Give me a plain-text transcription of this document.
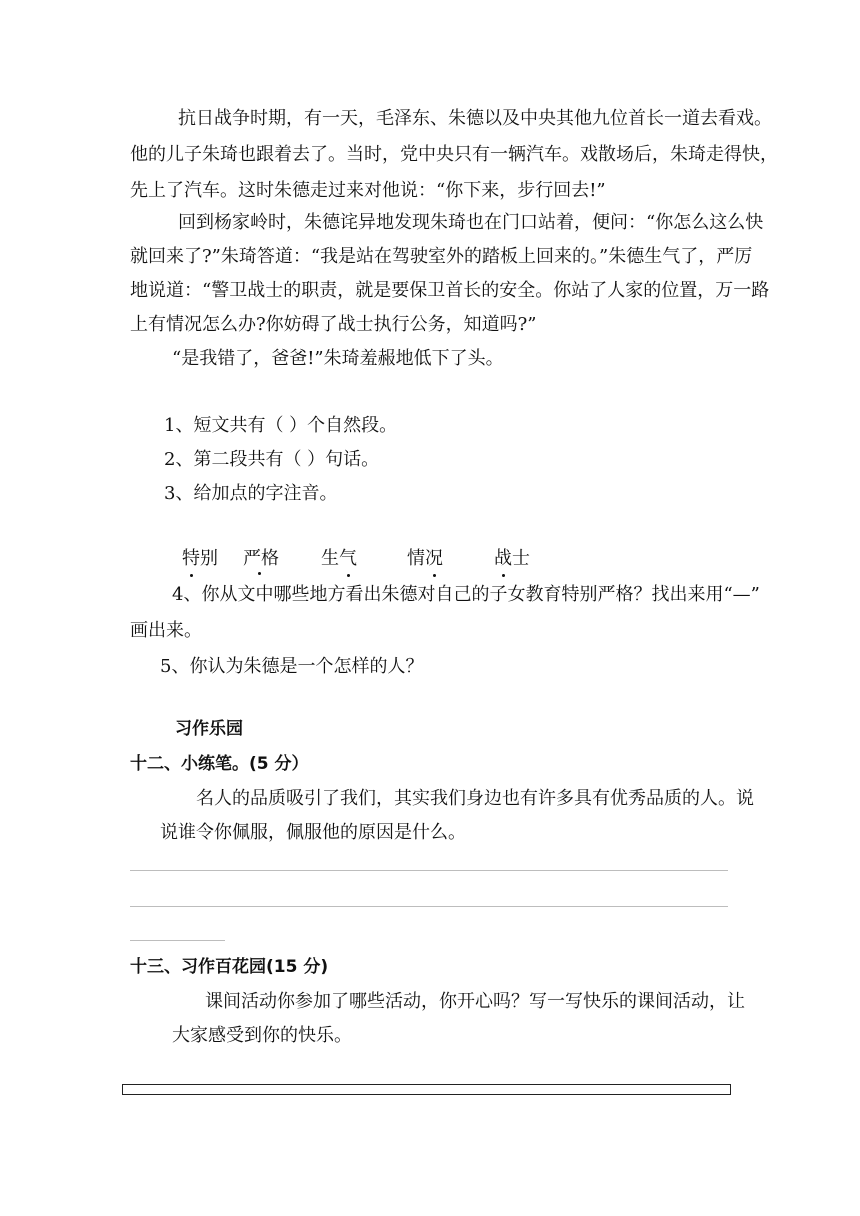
抗日战争时期，有一天，毛泽东、朱德以及中央其他九位首长一道去看戏。
他的儿子朱琦也跟着去了。当时，党中央只有一辆汽车。戏散场后，朱琦走得快，
先上了汽车。这时朱德走过来对他说：“你下来，步行回去!”
回到杨家岭时，朱德诧异地发现朱琦也在门口站着，便问：“你怎么这么快
就回来了?”朱琦答道：“我是站在驾驶室外的踏板上回来的。”朱德生气了，严厉
地说道：“警卫战士的职责，就是要保卫首长的安全。你站了人家的位置，万一路
上有情况怎么办?你妨碍了战士执行公务，知道吗?”
“是我错了，爸爸!”朱琦羞赧地低下了头。
1、短文共有（ ）个自然段。
2、第二段共有（ ）句话。
3、给加点的字注音。
特别 严格 生气	情况	战士
4、你从文中哪些地方看出朱德对自己的子女教育特别严格？找出来用“—”
画出来。
5、你认为朱德是一个怎样的人？
习作乐园
十二、小练笔。(5 分）
名人的品质吸引了我们，其实我们身边也有许多具有优秀品质的人。说
说谁令你佩服，佩服他的原因是什么。
十三、习作百花园(15 分)
课间活动你参加了哪些活动，你开心吗？写一写快乐的课间活动，让
大家感受到你的快乐。
